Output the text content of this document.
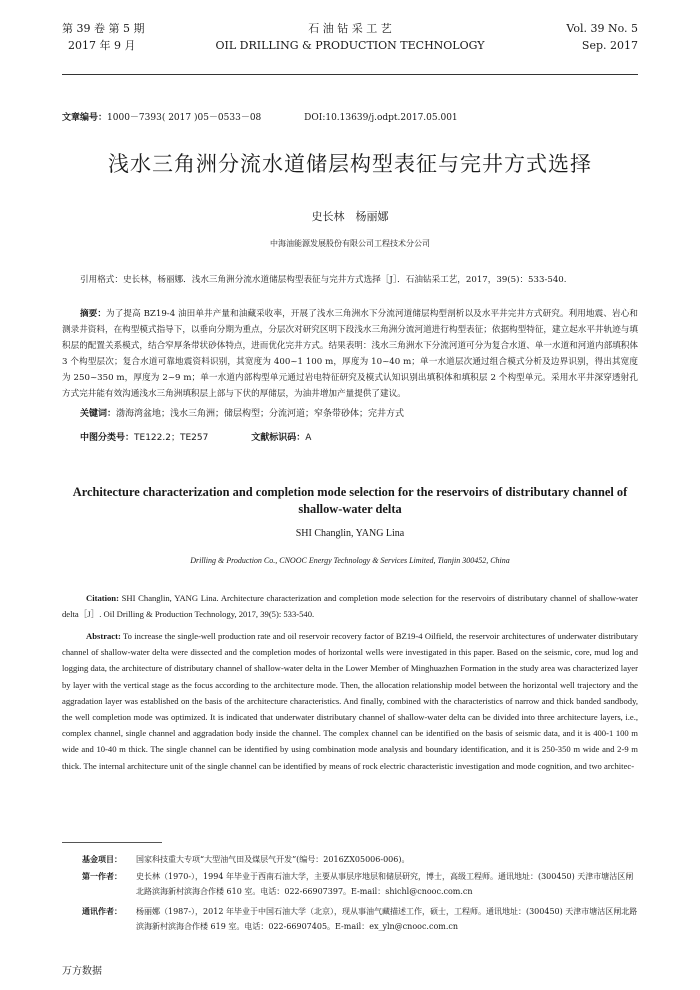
第 39 卷 第 5 期
2017 年 9 月
石 油 钻 采 工 艺
OIL DRILLING & PRODUCTION TECHNOLOGY
Vol. 39 No. 5
Sep. 2017
文章编号：1000－7393( 2017 )05－0533－08	DOI:10.13639/j.odpt.2017.05.001
浅水三角洲分流水道储层构型表征与完井方式选择
史长林　杨丽娜
中海油能源发展股份有限公司工程技术分公司
引用格式：史长林，杨丽娜．浅水三角洲分流水道储层构型表征与完井方式选择［J］．石油钻采工艺，2017，39(5)：533-540.
摘要：为了提高 BZ19-4 油田单井产量和油藏采收率，开展了浅水三角洲水下分流河道储层构型剖析以及水平井完井方式研究。利用地震、岩心和测录井资料，在构型模式指导下，以垂向分期为重点，分层次对研究区明下段浅水三角洲分流河道进行构型表征；依据构型特征，建立起水平井轨迹与填积层的配置关系模式，结合窄厚条带状砂体特点，进而优化完井方式。结果表明：浅水三角洲水下分流河道可分为复合水道、单一水道和河道内部填积体 3 个构型层次；复合水道可靠地震资料识别，其宽度为 400~1 100 m，厚度为 10~40 m；单一水道层次通过组合模式分析及边界识别，得出其宽度为 250~350 m，厚度为 2~9 m；单一水道内部构型单元通过岩电特征研究及模式认知识别出填积体和填积层 2 个构型单元。采用水平井深穿透射孔方式完井能有效沟通浅水三角洲填积层上部与下伏的厚储层，为油井增加产量提供了建议。
关键词：渤海湾盆地；浅水三角洲；储层构型；分流河道；窄条带砂体；完井方式
中图分类号：TE122.2；TE257	文献标识码：A
Architecture characterization and completion mode selection for the reservoirs of distributary channel of shallow-water delta
SHI Changlin, YANG Lina
Drilling & Production Co., CNOOC Energy Technology & Services Limited, Tianjin 300452, China
Citation: SHI Changlin, YANG Lina. Architecture characterization and completion mode selection for the reservoirs of distributary channel of shallow-water delta［J］. Oil Drilling & Production Technology, 2017, 39(5): 533-540.
Abstract: To increase the single-well production rate and oil reservoir recovery factor of BZ19-4 Oilfield, the reservoir architectures of underwater distributary channel of shallow-water delta were dissected and the completion modes of horizontal wells were investigated in this paper. Based on the seismic, core, mud log and logging data, the architecture of distributary channel of shallow-water delta in the Lower Member of Minghuazhen Formation in the study area was characterized layer by layer with the vertical stage as the focus according to the architecture mode. Then, the allocation relationship model between the horizontal well trajectory and the aggradation layer was established on the basis of the architecture characteristics. And finally, combined with the characteristics of narrow and thick banded sandbody, the well completion mode was optimized. It is indicated that underwater distributary channel of shallow-water delta can be divided into three architecture layers, i.e., complex channel, single channel and aggradation body inside the channel. The complex channel can be identified on the basis of seismic data, and it is 400-1 100 m wide and 10-40 m thick. The single channel can be identified by using combination mode analysis and boundary identification, and it is 250-350 m wide and 2-9 m thick. The internal architecture unit of the single channel can be identified by means of rock electric characteristic investigation and mode cognition, and two architec-
基金项目： 国家科技重大专项“大型油气田及煤层气开发”(编号：2016ZX05006-006)。
第一作者： 史长林（1970-），1994 年毕业于西南石油大学，主要从事层序地层和储层研究，博士，高级工程师。通讯地址：(300450) 天津市塘沽区闸北路滨海新村滨海合作楼 610 室。电话：022-66907397。E-mail：shichl@cnooc.com.cn
通讯作者： 杨丽娜（1987-），2012 年毕业于中国石油大学（北京），现从事油气藏描述工作，硕士，工程师。通讯地址：(300450) 天津市塘沽区闸北路滨海新村滨海合作楼 619 室。电话：022-66907405。E-mail：ex_yln@cnooc.com.cn
万方数据
